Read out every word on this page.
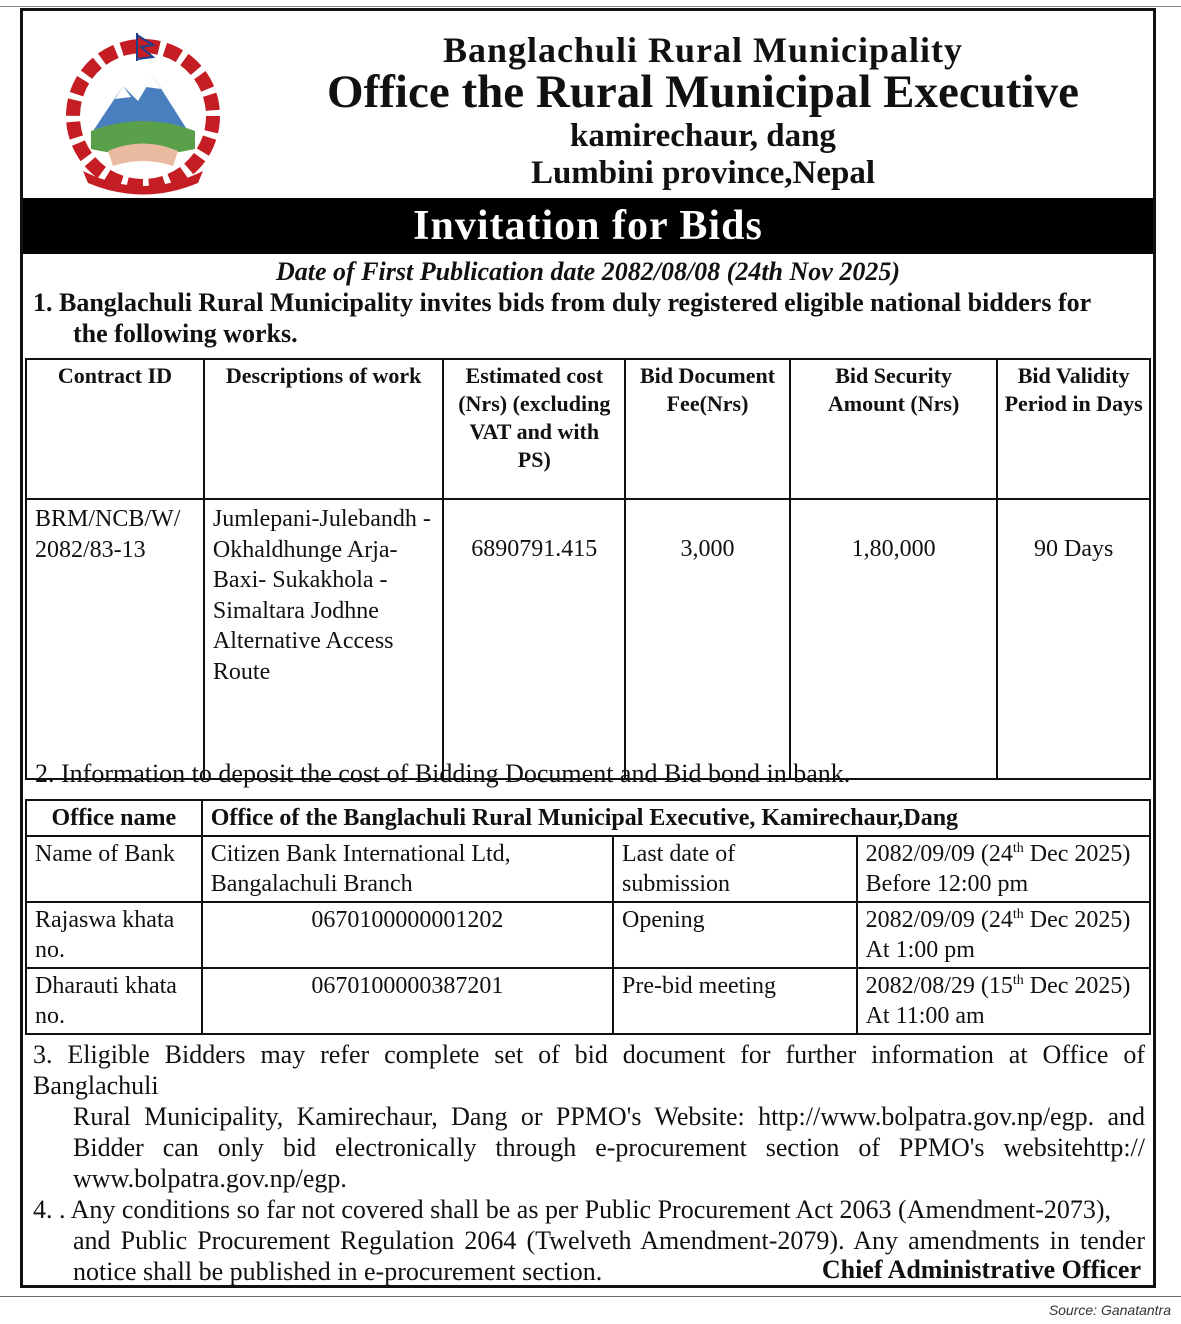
Banglachuli Rural Municipality
Office the Rural Municipal Executive
kamirechaur, dang
Lumbini province,Nepal
Invitation for Bids
Date of First Publication date 2082/08/08 (24th Nov 2025)
1. Banglachuli Rural Municipality invites bids from duly registered eligible national bidders for
the following works.
Contract ID	Descriptions of work	Estimated cost (Nrs) (excluding VAT and with PS)	Bid Document Fee(Nrs)	Bid Security Amount (Nrs)	Bid Validity Period in Days
BRM/NCB/W/ 2082/83-13	Jumlepani-Julebandh - Okhaldhunge Arja-Baxi- Sukakhola - Simaltara Jodhne Alternative Access Route	6890791.415	3,000	1,80,000	90 Days
2. Information to deposit the cost of Bidding Document and Bid bond in bank.
Office name	Office of the Banglachuli Rural Municipal Executive, Kamirechaur,Dang		
Name of Bank	Citizen Bank International Ltd, Bangalachuli Branch	Last date of submission	2082/09/09 (24th Dec 2025) Before 12:00 pm
Rajaswa khata no.	0670100000001202	Opening	2082/09/09 (24th Dec 2025) At 1:00 pm
Dharauti khata no.	0670100000387201	Pre-bid meeting	2082/08/29 (15th Dec 2025) At 11:00 am
3. Eligible Bidders may refer complete set of bid document for further information at Office of Banglachuli
Rural Municipality, Kamirechaur, Dang or PPMO's Website: http://www.bolpatra.gov.np/egp. and Bidder can only bid electronically through e-procurement section of PPMO's websitehttp:// www.bolpatra.gov.np/egp.
4. . Any conditions so far not covered shall be as per Public Procurement Act 2063 (Amendment-2073),
and Public Procurement Regulation 2064 (Twelveth Amendment-2079). Any amendments in tender notice shall be published in e-procurement section.	Chief Administrative Officer
Source: Ganatantra
